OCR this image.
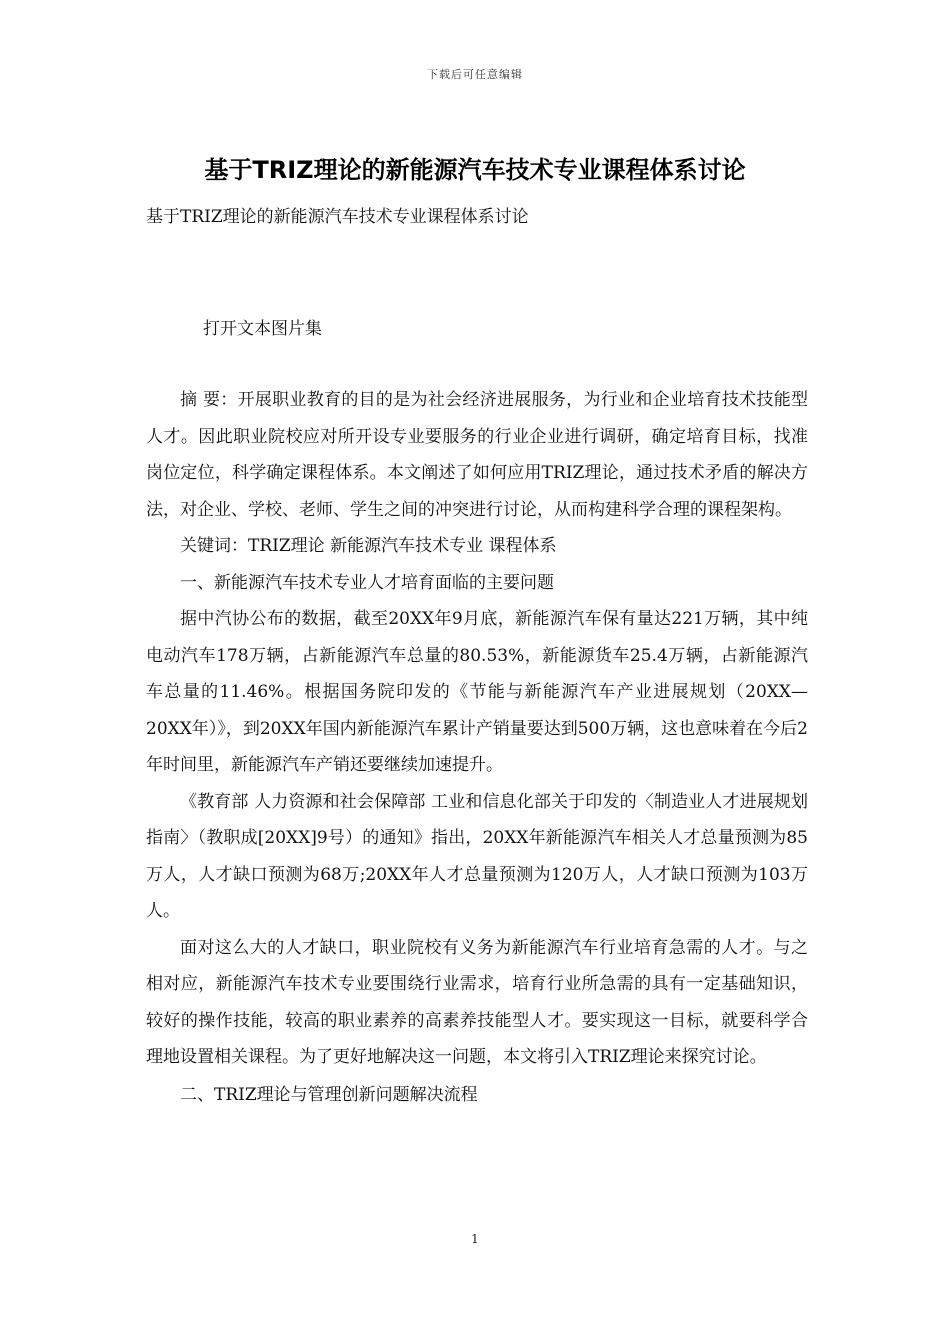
下载后可任意编辑
基于TRIZ理论的新能源汽车技术专业课程体系讨论

基于TRIZ理论的新能源汽车技术专业课程体系讨论

打开文本图片集

摘 要：开展职业教育的目的是为社会经济进展服务，为行业和企业培育技术技能型人才。因此职业院校应对所开设专业要服务的行业企业进行调研，确定培育目标，找准岗位定位，科学确定课程体系。本文阐述了如何应用TRIZ理论，通过技术矛盾的解决方法，对企业、学校、老师、学生之间的冲突进行讨论，从而构建科学合理的课程架构。

关键词：TRIZ理论 新能源汽车技术专业 课程体系

一、新能源汽车技术专业人才培育面临的主要问题

据中汽协公布的数据，截至20XX年9月底，新能源汽车保有量达221万辆，其中纯电动汽车178万辆，占新能源汽车总量的80.53%，新能源货车25.4万辆，占新能源汽车总量的11.46%。根据国务院印发的《节能与新能源汽车产业进展规划（20XX—20XX年）》，到20XX年国内新能源汽车累计产销量要达到500万辆，这也意味着在今后2年时间里，新能源汽车产销还要继续加速提升。

《教育部 人力资源和社会保障部 工业和信息化部关于印发的〈制造业人才进展规划指南〉（教职成[20XX]9号）的通知》指出，20XX年新能源汽车相关人才总量预测为85万人，人才缺口预测为68万;20XX年人才总量预测为120万人，人才缺口预测为103万人。

面对这么大的人才缺口，职业院校有义务为新能源汽车行业培育急需的人才。与之相对应，新能源汽车技术专业要围绕行业需求，培育行业所急需的具有一定基础知识，较好的操作技能，较高的职业素养的高素养技能型人才。要实现这一目标，就要科学合理地设置相关课程。为了更好地解决这一问题，本文将引入TRIZ理论来探究讨论。

二、TRIZ理论与管理创新问题解决流程

1
